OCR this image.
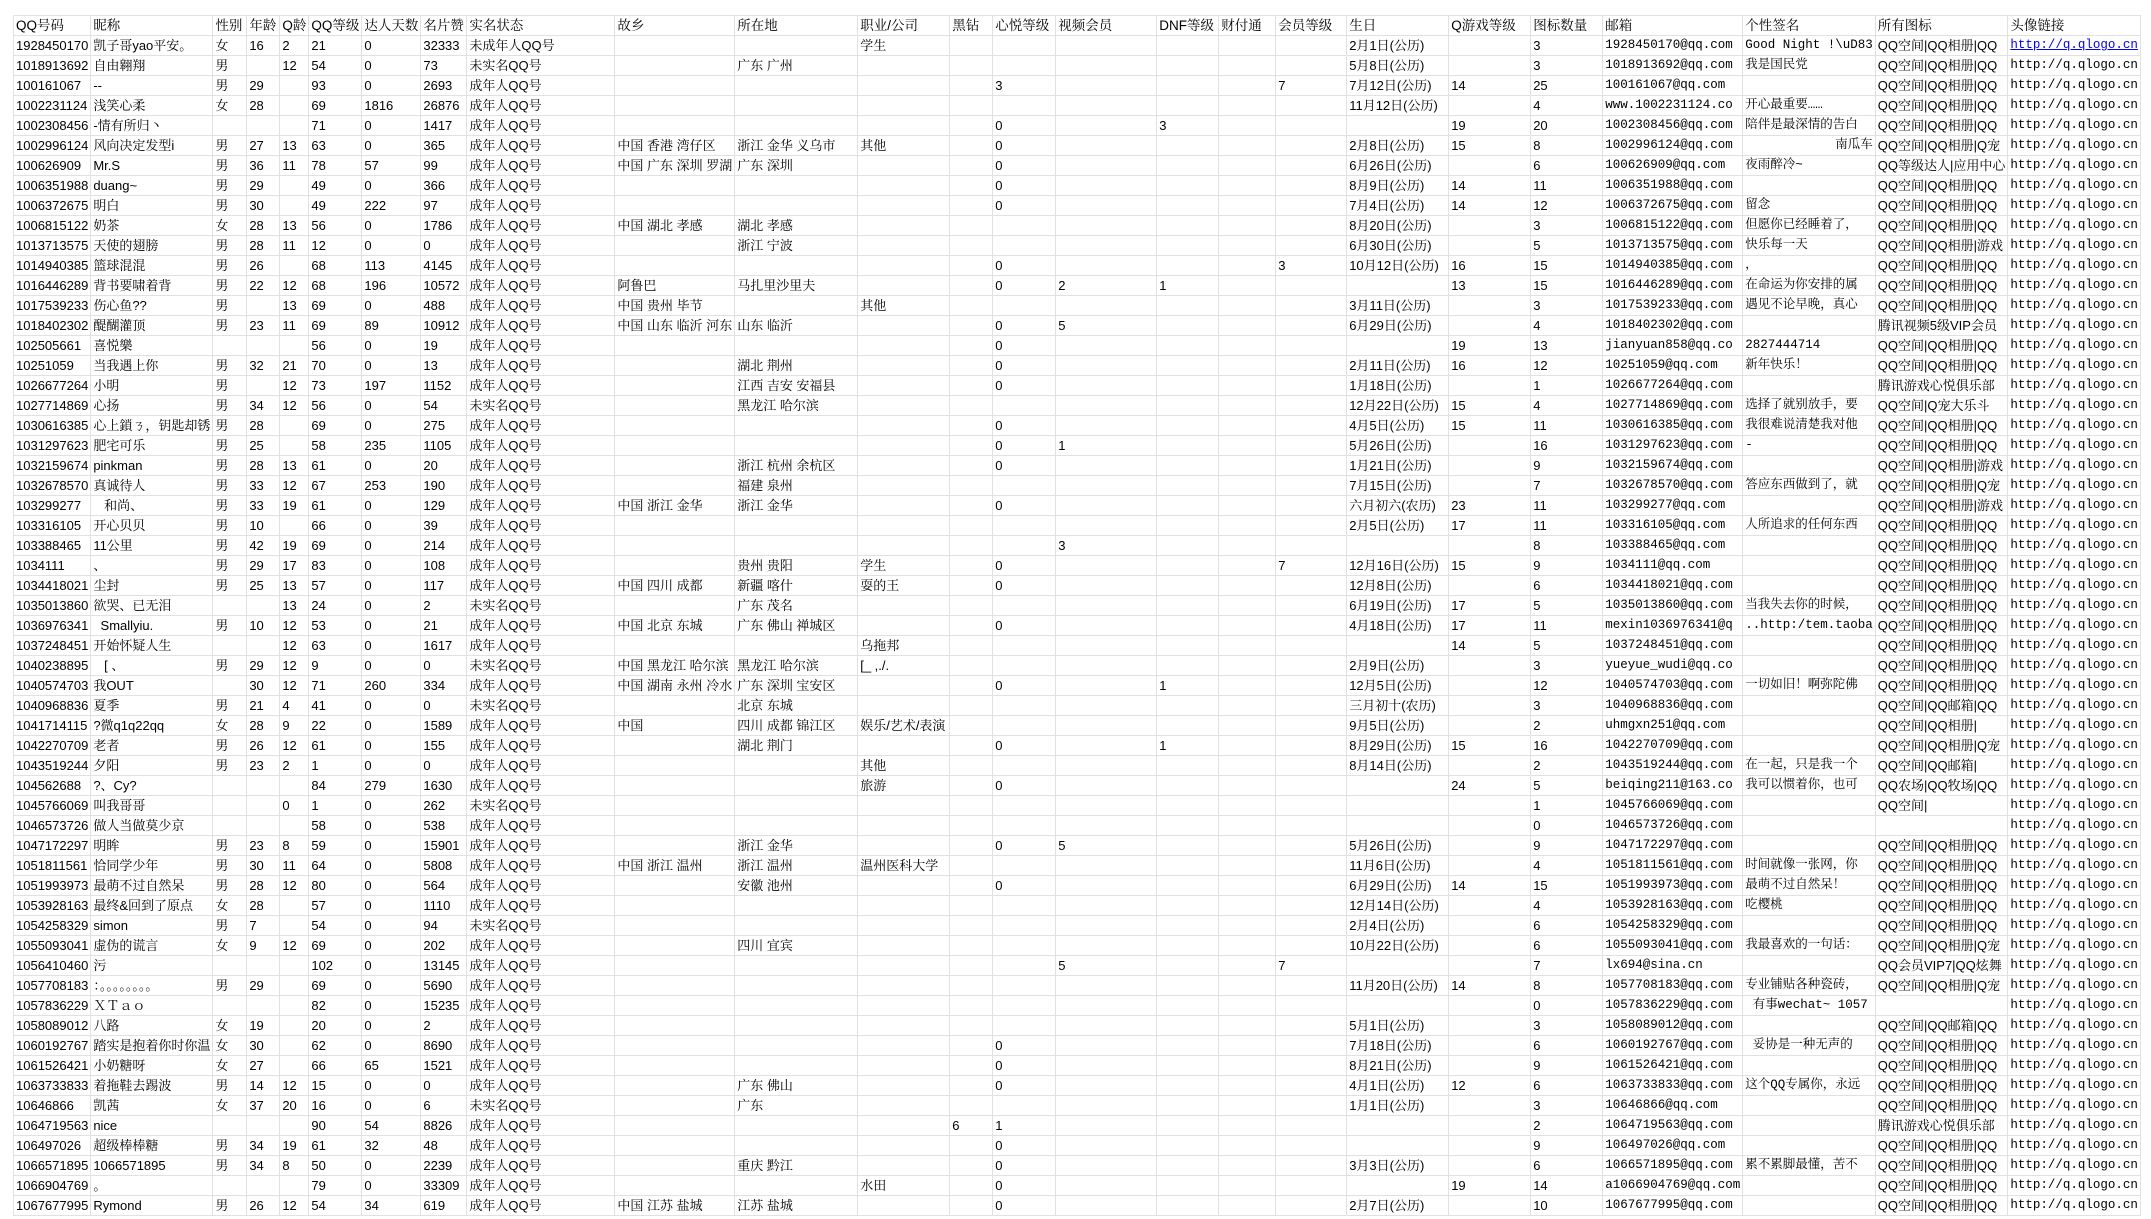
QQ号码	昵称	性别	年龄	Q龄	QQ等级	达人天数	名片赞	实名状态	故乡	所在地	职业/公司	黑钻	心悦等级	视频会员	DNF等级	财付通	会员等级	生日	Q游戏等级	图标数量	邮箱	个性签名	所有图标	头像链接
1928450170	凯子哥yao平安。	女	16	2	21	0	32333	未成年人QQ号			学生							2月1日(公历)		3	1928450170@qq.com	Good Night !\uD83	QQ空间|QQ相册|QQ	http://q.qlogo.cn
1018913692	自由翱翔	男		12	54	0	73	未实名QQ号		广东 广州								5月8日(公历)		3	1018913692@qq.com	我是国民党	QQ空间|QQ相册|QQ	http://q.qlogo.cn
100161067	--	男	29		93	0	2693	成年人QQ号					3				7	7月12日(公历)	14	25	100161067@qq.com		QQ空间|QQ相册|QQ	http://q.qlogo.cn
1002231124	浅笑心柔	女	28		69	1816	26876	成年人QQ号										11月12日(公历)		4	www.1002231124.co	开心最重要……	QQ空间|QQ相册|QQ	http://q.qlogo.cn
1002308456	-情有所归丶				71	0	1417	成年人QQ号					0		3				19	20	1002308456@qq.com	陪伴是最深情的告白	QQ空间|QQ相册|QQ	http://q.qlogo.cn
1002996124	风向决定发型i	男	27	13	63	0	365	成年人QQ号	中国 香港 湾仔区	浙江 金华 义乌市	其他		0					2月8日(公历)	15	8	1002996124@qq.com	南瓜车	QQ空间|QQ相册|Q宠	http://q.qlogo.cn
100626909	Mr.S	男	36	11	78	57	99	成年人QQ号	中国 广东 深圳 罗湖	广东 深圳			0					6月26日(公历)		6	100626909@qq.com	夜雨醉冷~	QQ等级达人|应用中心	http://q.qlogo.cn
1006351988	duang~	男	29		49	0	366	成年人QQ号					0					8月9日(公历)	14	11	1006351988@qq.com		QQ空间|QQ相册|QQ	http://q.qlogo.cn
1006372675	明白	男	30		49	222	97	成年人QQ号					0					7月4日(公历)	14	12	1006372675@qq.com	留念	QQ空间|QQ相册|QQ	http://q.qlogo.cn
1006815122	奶茶	女	28	13	56	0	1786	成年人QQ号	中国 湖北 孝感	湖北 孝感								8月20日(公历)		3	1006815122@qq.com	但愿你已经睡着了，	QQ空间|QQ相册|QQ	http://q.qlogo.cn
1013713575	天使的翅膀	男	28	11	12	0	0	成年人QQ号		浙江 宁波								6月30日(公历)		5	1013713575@qq.com	快乐每一天	QQ空间|QQ相册|游戏	http://q.qlogo.cn
1014940385	篮球混混	男	26		68	113	4145	成年人QQ号					0				3	10月12日(公历)	16	15	1014940385@qq.com	，	QQ空间|QQ相册|QQ	http://q.qlogo.cn
1016446289	背书要啸着背	男	22	12	68	196	10572	成年人QQ号	阿鲁巴	马扎里沙里夫			0	2	1				13	15	1016446289@qq.com	在命运为你安排的属	QQ空间|QQ相册|QQ	http://q.qlogo.cn
1017539233	伤心鱼??	男		13	69	0	488	成年人QQ号	中国 贵州 毕节		其他							3月11日(公历)		3	1017539233@qq.com	遇见不论早晚，真心	QQ空间|QQ相册|QQ	http://q.qlogo.cn
1018402302	醍醐灌顶	男	23	11	69	89	10912	成年人QQ号	中国 山东 临沂 河东	山东 临沂			0	5				6月29日(公历)		4	1018402302@qq.com		腾讯视频5级VIP会员	http://q.qlogo.cn
102505661	喜悦樂				56	0	19	成年人QQ号					0						19	13	jianyuan858@qq.co	2827444714	QQ空间|QQ相册|QQ	http://q.qlogo.cn
10251059	当我遇上你	男	32	21	70	0	13	成年人QQ号		湖北 荆州			0					2月11日(公历)	16	12	10251059@qq.com	新年快乐！	QQ空间|QQ相册|QQ	http://q.qlogo.cn
1026677264	小明	男		12	73	197	1152	成年人QQ号		江西 吉安 安福县			0					1月18日(公历)		1	1026677264@qq.com		腾讯游戏心悦俱乐部	http://q.qlogo.cn
1027714869	心扬	男	34	12	56	0	54	未实名QQ号		黑龙江 哈尔滨								12月22日(公历)	15	4	1027714869@qq.com	选择了就别放手，要	QQ空间|Q宠大乐斗	http://q.qlogo.cn
1030616385	心上鎖ㄋ，钥匙却锈	男	28		69	0	275	成年人QQ号					0					4月5日(公历)	15	11	1030616385@qq.com	我很难说清楚我对他	QQ空间|QQ相册|QQ	http://q.qlogo.cn
1031297623	肥宅可乐	男	25		58	235	1105	成年人QQ号					0	1				5月26日(公历)		16	1031297623@qq.com	-	QQ空间|QQ相册|QQ	http://q.qlogo.cn
1032159674	pinkman	男	28	13	61	0	20	成年人QQ号		浙江 杭州 余杭区			0					1月21日(公历)		9	1032159674@qq.com		QQ空间|QQ相册|游戏	http://q.qlogo.cn
1032678570	真诚待人	男	33	12	67	253	190	成年人QQ号		福建 泉州								7月15日(公历)		7	1032678570@qq.com	答应东西做到了，就	QQ空间|QQ相册|Q宠	http://q.qlogo.cn
103299277	和尚、	男	33	19	61	0	129	成年人QQ号	中国 浙江 金华	浙江 金华			0					六月初六(农历)	23	11	103299277@qq.com		QQ空间|QQ相册|游戏	http://q.qlogo.cn
103316105	开心贝贝	男	10		66	0	39	成年人QQ号										2月5日(公历)	17	11	103316105@qq.com	人所追求的任何东西	QQ空间|QQ相册|QQ	http://q.qlogo.cn
103388465	11公里	男	42	19	69	0	214	成年人QQ号						3						8	103388465@qq.com		QQ空间|QQ相册|QQ	http://q.qlogo.cn
1034111	、	男	29	17	83	0	108	成年人QQ号		贵州 贵阳	学生		0				7	12月16日(公历)	15	9	1034111@qq.com		QQ空间|QQ相册|QQ	http://q.qlogo.cn
1034418021	尘封	男	25	13	57	0	117	成年人QQ号	中国 四川 成都	新疆 喀什	耍的王		0					12月8日(公历)		6	1034418021@qq.com		QQ空间|QQ相册|QQ	http://q.qlogo.cn
1035013860	欲哭、已无泪			13	24	0	2	未实名QQ号		广东 茂名								6月19日(公历)	17	5	1035013860@qq.com	当我失去你的时候，	QQ空间|QQ相册|QQ	http://q.qlogo.cn
1036976341	Smallyiu.	男	10	12	53	0	21	成年人QQ号	中国 北京 东城	广东 佛山 禅城区			0					4月18日(公历)	17	11	mexin1036976341@q	..http:/tem.taoba	QQ空间|QQ相册|QQ	http://q.qlogo.cn
1037248451	开始怀疑人生			12	63	0	1617	成年人QQ号			乌拖邦								14	5	1037248451@qq.com		QQ空间|QQ相册|QQ	http://q.qlogo.cn
1040238895	[ 、	男	29	12	9	0	0	未实名QQ号	中国 黑龙江 哈尔滨	黑龙江 哈尔滨	[_ ,./.							2月9日(公历)		3	yueyue_wudi@qq.co		QQ空间|QQ相册|QQ	http://q.qlogo.cn
1040574703	我OUT		30	12	71	260	334	成年人QQ号	中国 湖南 永州 冷水	广东 深圳 宝安区			0		1			12月5日(公历)		12	1040574703@qq.com	一切如旧！啊弥陀佛	QQ空间|QQ相册|QQ	http://q.qlogo.cn
1040968836	夏季	男	21	4	41	0	0	未实名QQ号		北京 东城								三月初十(农历)		3	1040968836@qq.com		QQ空间|QQ邮箱|QQ	http://q.qlogo.cn
1041714115	?微q1q22qq	女	28	9	22	0	1589	成年人QQ号	中国	四川 成都 锦江区	娱乐/艺术/表演							9月5日(公历)		2	uhmgxn251@qq.com		QQ空间|QQ相册|	http://q.qlogo.cn
1042270709	老者	男	26	12	61	0	155	成年人QQ号		湖北 荆门			0		1			8月29日(公历)	15	16	1042270709@qq.com		QQ空间|QQ相册|Q宠	http://q.qlogo.cn
1043519244	夕阳	男	23	2	1	0	0	成年人QQ号			其他							8月14日(公历)		2	1043519244@qq.com	在一起，只是我一个	QQ空间|QQ邮箱|	http://q.qlogo.cn
104562688	?、Cy?				84	279	1630	成年人QQ号			旅游		0						24	5	beiqing211@163.co	我可以惯着你，也可	QQ农场|QQ牧场|QQ	http://q.qlogo.cn
1045766069	叫我哥哥			0	1	0	262	未实名QQ号												1	1045766069@qq.com		QQ空间|	http://q.qlogo.cn
1046573726	做人当做莫少京				58	0	538	成年人QQ号												0	1046573726@qq.com			http://q.qlogo.cn
1047172297	明眸	男	23	8	59	0	15901	成年人QQ号		浙江 金华			0	5				5月26日(公历)		9	1047172297@qq.com		QQ空间|QQ相册|QQ	http://q.qlogo.cn
1051811561	恰同学少年	男	30	11	64	0	5808	成年人QQ号	中国 浙江 温州	浙江 温州	温州医科大学							11月6日(公历)		4	1051811561@qq.com	时间就像一张网，你	QQ空间|QQ相册|QQ	http://q.qlogo.cn
1051993973	最萌不过自然呆	男	28	12	80	0	564	成年人QQ号		安徽 池州			0					6月29日(公历)	14	15	1051993973@qq.com	最萌不过自然呆！	QQ空间|QQ相册|QQ	http://q.qlogo.cn
1053928163	最终&回到了原点	女	28		57	0	1110	成年人QQ号										12月14日(公历)		4	1053928163@qq.com	吃樱桃	QQ空间|QQ相册|QQ	http://q.qlogo.cn
1054258329	simon	男	7		54	0	94	未实名QQ号										2月4日(公历)		6	1054258329@qq.com		QQ空间|QQ相册|QQ	http://q.qlogo.cn
1055093041	虚伪的谎言	女	9	12	69	0	202	成年人QQ号		四川 宜宾								10月22日(公历)		6	1055093041@qq.com	我最喜欢的一句话：	QQ空间|QQ相册|Q宠	http://q.qlogo.cn
1056410460	污				102	0	13145	成年人QQ号						5			7			7	lx694@sina.cn		QQ会员VIP7|QQ炫舞	http://q.qlogo.cn
1057708183	：。。。。。。。。	男	29		69	0	5690	成年人QQ号										11月20日(公历)	14	8	1057708183@qq.com	专业铺贴各种瓷砖，	QQ空间|QQ相册|Q宠	http://q.qlogo.cn
1057836229	ＸＴａｏ				82	0	15235	成年人QQ号												0	1057836229@qq.com	有事wechat~ 1057		http://q.qlogo.cn
1058089012	八路	女	19		20	0	2	成年人QQ号										5月1日(公历)		3	1058089012@qq.com		QQ空间|QQ邮箱|QQ	http://q.qlogo.cn
1060192767	踏实是抱着你时你温	女	30		62	0	8690	成年人QQ号					0					7月18日(公历)		6	1060192767@qq.com	妥协是一种无声的	QQ空间|QQ相册|QQ	http://q.qlogo.cn
1061526421	小奶糖呀	女	27		66	65	1521	成年人QQ号					0					8月21日(公历)		9	1061526421@qq.com		QQ空间|QQ相册|QQ	http://q.qlogo.cn
1063733833	着拖鞋去踢波	男	14	12	15	0	0	成年人QQ号		广东 佛山			0					4月1日(公历)	12	6	1063733833@qq.com	这个QQ专属你，永远	QQ空间|QQ相册|QQ	http://q.qlogo.cn
10646866	凯茜	女	37	20	16	0	6	未实名QQ号		广东								1月1日(公历)		3	10646866@qq.com		QQ空间|QQ相册|QQ	http://q.qlogo.cn
1064719563	nice				90	54	8826	成年人QQ号				6	1							2	1064719563@qq.com		腾讯游戏心悦俱乐部	http://q.qlogo.cn
106497026	超级棒棒糖	男	34	19	61	32	48	成年人QQ号					0							9	106497026@qq.com		QQ空间|QQ相册|QQ	http://q.qlogo.cn
1066571895	1066571895	男	34	8	50	0	2239	成年人QQ号		重庆 黔江			0					3月3日(公历)		6	1066571895@qq.com	累不累脚最懂，苦不	QQ空间|QQ相册|QQ	http://q.qlogo.cn
1066904769	。				79	0	33309	成年人QQ号			水田		0						19	14	a1066904769@qq.com		QQ空间|QQ相册|QQ	http://q.qlogo.cn
1067677995	Rymond	男	26	12	54	34	619	成年人QQ号	中国 江苏 盐城	江苏 盐城			0					2月7日(公历)		10	1067677995@qq.com		QQ空间|QQ相册|QQ	http://q.qlogo.cn
